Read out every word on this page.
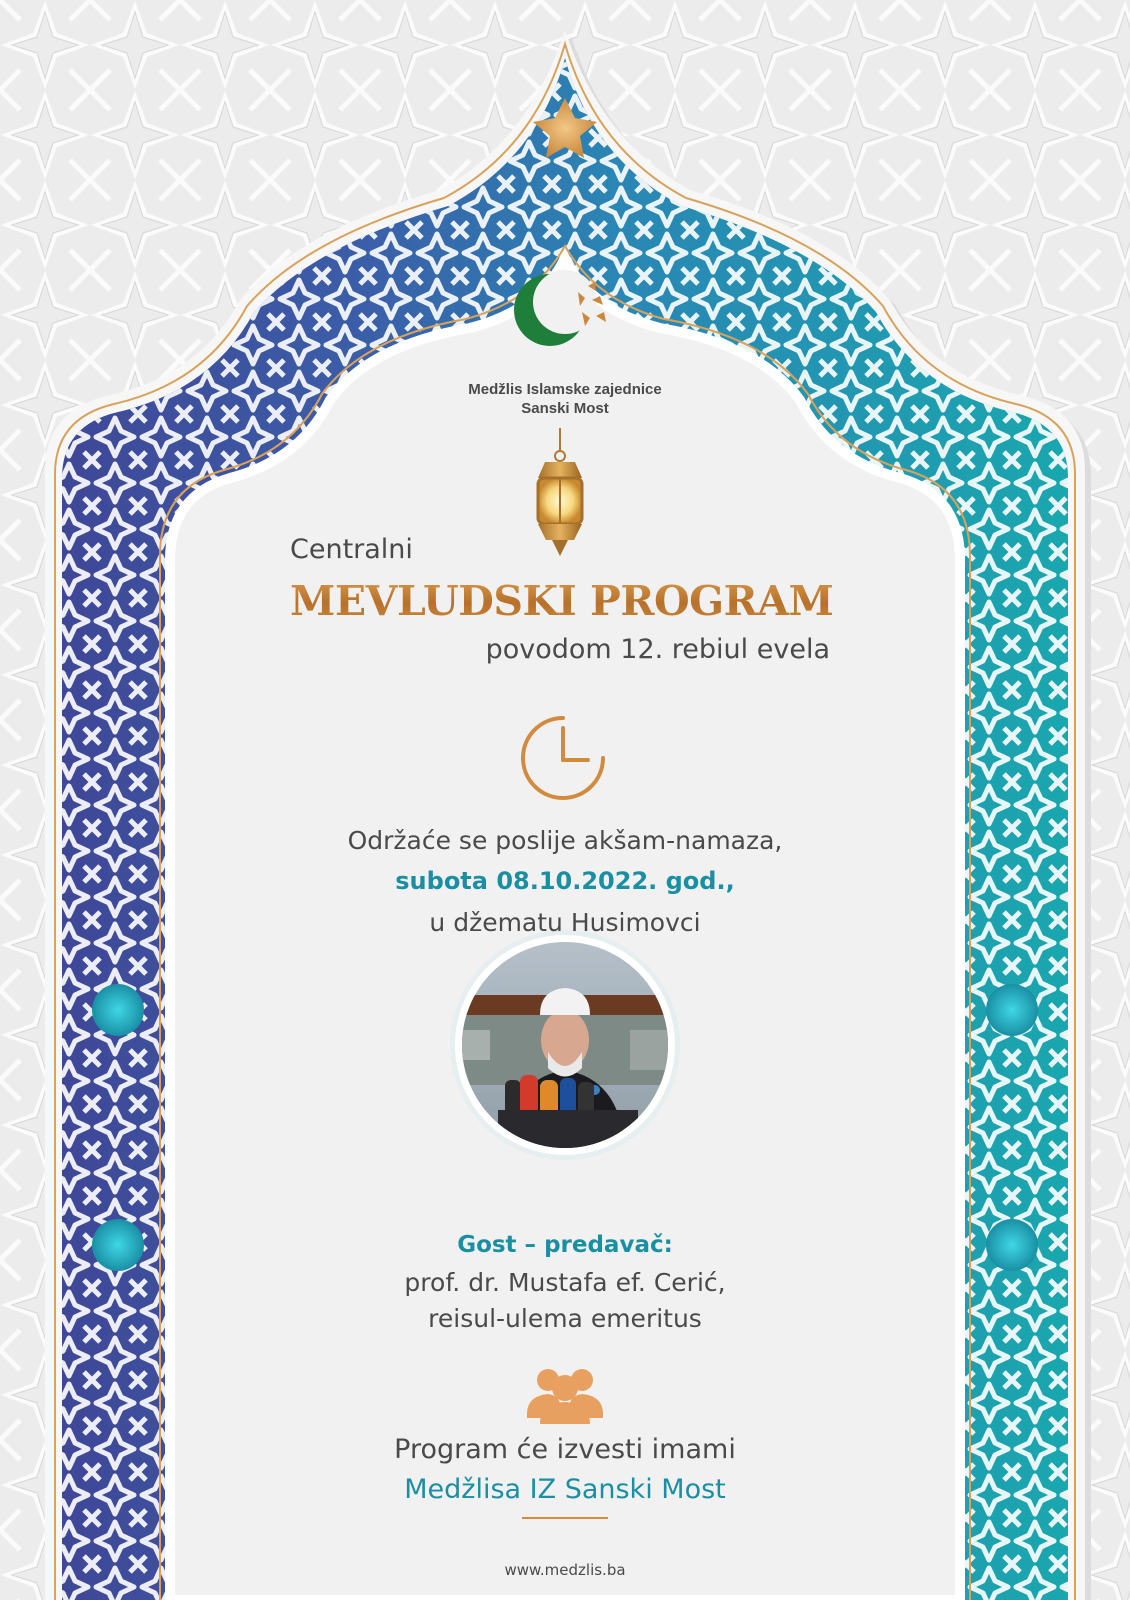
Medžlis Islamske zajednice
Sanski Most
Centralni
MEVLUDSKI PROGRAM
povodom 12. rebiul evela
Održaće se poslije akšam-namaza,
subota 08.10.2022. god.,
u džematu Husimovci
Gost – predavač:
prof. dr. Mustafa ef. Cerić,
reisul-ulema emeritus
Program će izvesti imami
Medžlisa IZ Sanski Most
www.medzlis.ba
